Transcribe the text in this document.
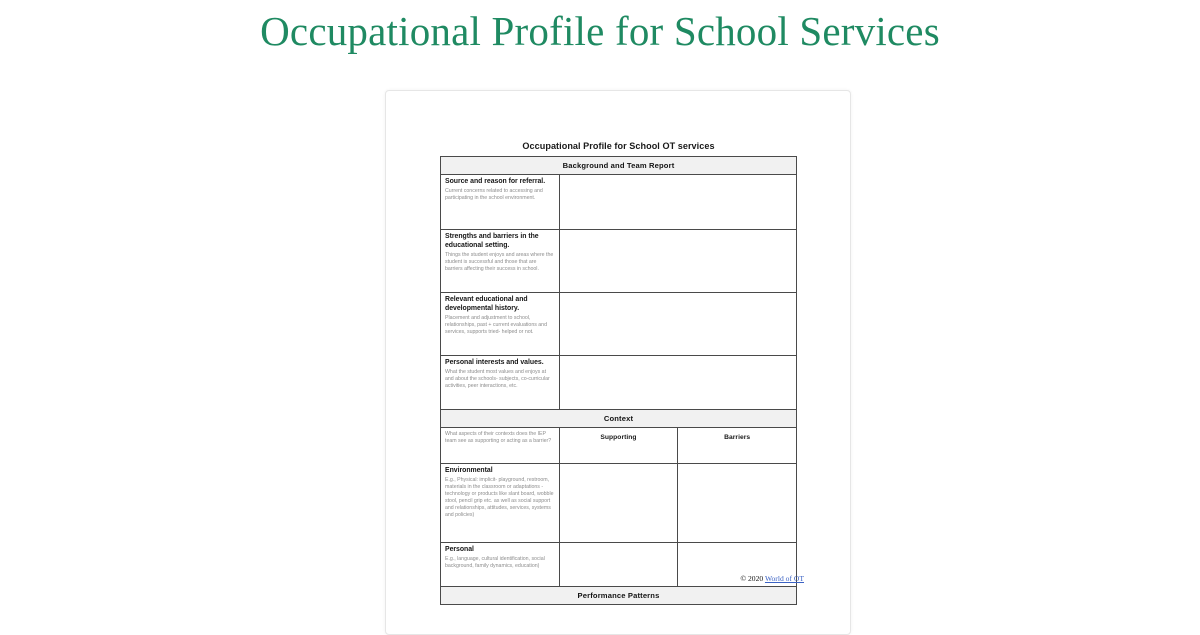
Occupational Profile for School Services
Occupational Profile for School OT services
Background and Team Report		

Source and reason for referral.
Current concerns related to accessing and participating in the school environment.		

Strengths and barriers in the educational setting.
Things the student enjoys and areas where the student is successful and those that are barriers affecting their success in school.		

Relevant educational and developmental history.
Placement and adjustment to school, relationships, past + current evaluations and services, supports tried- helped or not.		

Personal interests and values.
What the student most values and enjoys at and about the schools- subjects, co-curricular activities, peer interactions, etc.		

Context		

What aspects of their contexts does the IEP team see as supporting or acting as a barrier?	Supporting	Barriers

Environmental
E.g., Physical: implicit- playground, restroom, materials in the classroom or adaptations - technology or products like slant board, wobble stool, pencil grip etc. as well as social support and relationships, attitudes, services, systems and policies)		

Personal
E.g., language, cultural identification, social background, family dynamics, education)		

Performance Patterns		
© 2020 World of OT
